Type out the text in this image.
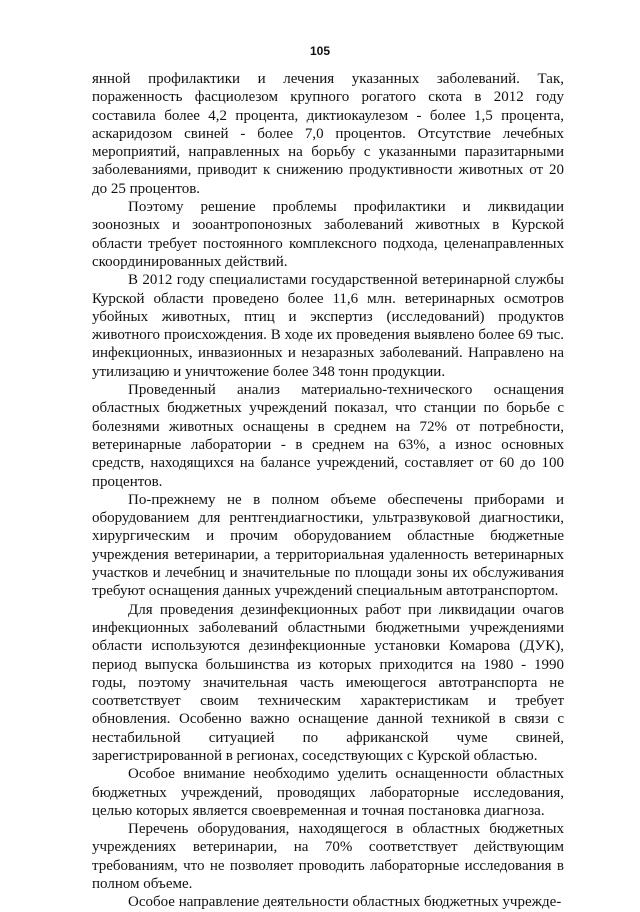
105

янной профилактики и лечения указанных заболеваний. Так, пораженность фасциолезом крупного рогатого скота в 2012 году составила более 4,2 процента, диктиокаулезом - более 1,5 процента, аскаридозом свиней - более 7,0 процентов. Отсутствие лечебных мероприятий, направленных на борьбу с указанными паразитарными заболеваниями, приводит к снижению продуктивности животных от 20 до 25 процентов.

Поэтому решение проблемы профилактики и ликвидации зоонозных и зооантропонозных заболеваний животных в Курской области требует постоянного комплексного подхода, целенаправленных скоординированных действий.

В 2012 году специалистами государственной ветеринарной службы Курской области проведено более 11,6 млн. ветеринарных осмотров убойных животных, птиц и экспертиз (исследований) продуктов животного происхождения. В ходе их проведения выявлено более 69 тыс. инфекционных, инвазионных и незаразных заболеваний. Направлено на утилизацию и уничтожение более 348 тонн продукции.

Проведенный анализ материально-технического оснащения областных бюджетных учреждений показал, что станции по борьбе с болезнями животных оснащены в среднем на 72% от потребности, ветеринарные лаборатории - в среднем на 63%, а износ основных средств, находящихся на балансе учреждений, составляет от 60 до 100 процентов.

По-прежнему не в полном объеме обеспечены приборами и оборудованием для рентгендиагностики, ультразвуковой диагностики, хирургическим и прочим оборудованием областные бюджетные учреждения ветеринарии, а территориальная удаленность ветеринарных участков и лечебниц и значительные по площади зоны их обслуживания требуют оснащения данных учреждений специальным автотранспортом.

Для проведения дезинфекционных работ при ликвидации очагов инфекционных заболеваний областными бюджетными учреждениями области используются дезинфекционные установки Комарова (ДУК), период выпуска большинства из которых приходится на 1980 - 1990 годы, поэтому значительная часть имеющегося автотранспорта не соответствует своим техническим характеристикам и требует обновления. Особенно важно оснащение данной техникой в связи с нестабильной ситуацией по африканской чуме свиней, зарегистрированной в регионах, соседствующих с Курской областью.

Особое внимание необходимо уделить оснащенности областных бюджетных учреждений, проводящих лабораторные исследования, целью которых является своевременная и точная постановка диагноза.

Перечень оборудования, находящегося в областных бюджетных учреждениях ветеринарии, на 70% соответствует действующим требованиям, что не позволяет проводить лабораторные исследования в полном объеме.

Особое направление деятельности областных бюджетных учрежде-
